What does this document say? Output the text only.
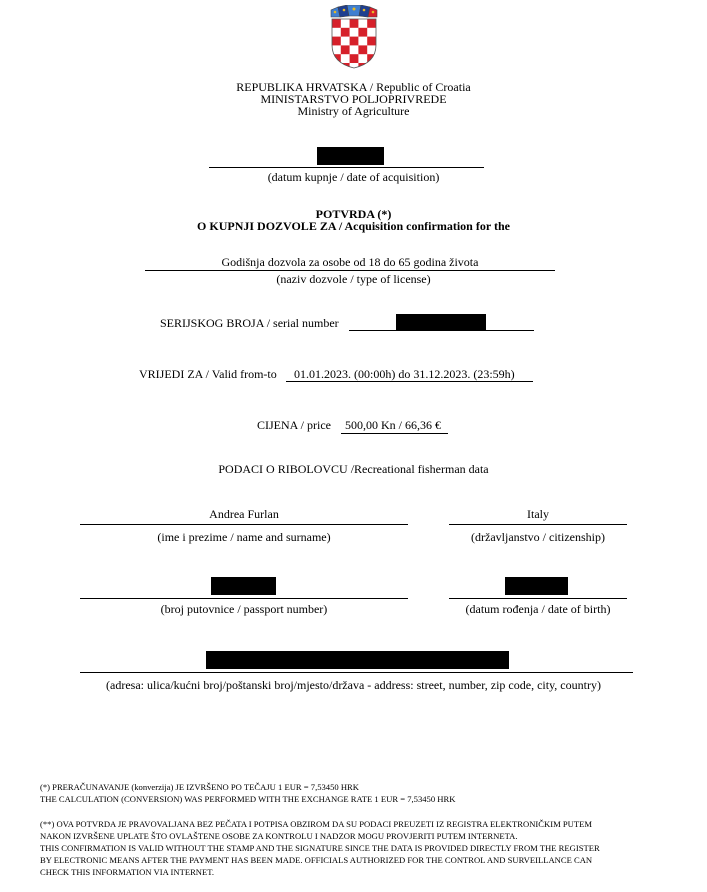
REPUBLIKA HRVATSKA / Republic of Croatia
MINISTARSTVO POLJOPRIVREDE
Ministry of Agriculture
(datum kupnje / date of acquisition)
POTVRDA (*)
O KUPNJI DOZVOLE ZA / Acquisition confirmation for the
Godišnja dozvola za osobe od 18 do 65 godina života
(naziv dozvole / type of license)
SERIJSKOG BROJA / serial number
VRIJEDI ZA / Valid from-to 01.01.2023. (00:00h) do 31.12.2023. (23:59h)
CIJENA / price 500,00 Kn / 66,36 €
PODACI O RIBOLOVCU /Recreational fisherman data
Andrea Furlan
(ime i prezime / name and surname)
Italy
(državljanstvo / citizenship)
(broj putovnice / passport number)	(datum rođenja / date of birth)
(adresa: ulica/kućni broj/poštanski broj/mjesto/država - address: street, number, zip code, city, country)
(*) PRERAČUNAVANJE (konverzija) JE IZVRŠENO PO TEČAJU 1 EUR = 7,53450 HRK
THE CALCULATION (CONVERSION) WAS PERFORMED WITH THE EXCHANGE RATE 1 EUR = 7,53450 HRK
(**) OVA POTVRDA JE PRAVOVALJANA BEZ PEČATA I POTPISA OBZIROM DA SU PODACI PREUZETI IZ REGISTRA ELEKTRONIČKIM PUTEM
NAKON IZVRŠENE UPLATE ŠTO OVLAŠTENE OSOBE ZA KONTROLU I NADZOR MOGU PROVJERITI PUTEM INTERNETA.
THIS CONFIRMATION IS VALID WITHOUT THE STAMP AND THE SIGNATURE SINCE THE DATA IS PROVIDED DIRECTLY FROM THE REGISTER
BY ELECTRONIC MEANS AFTER THE PAYMENT HAS BEEN MADE. OFFICIALS AUTHORIZED FOR THE CONTROL AND SURVEILLANCE CAN
CHECK THIS INFORMATION VIA INTERNET.
